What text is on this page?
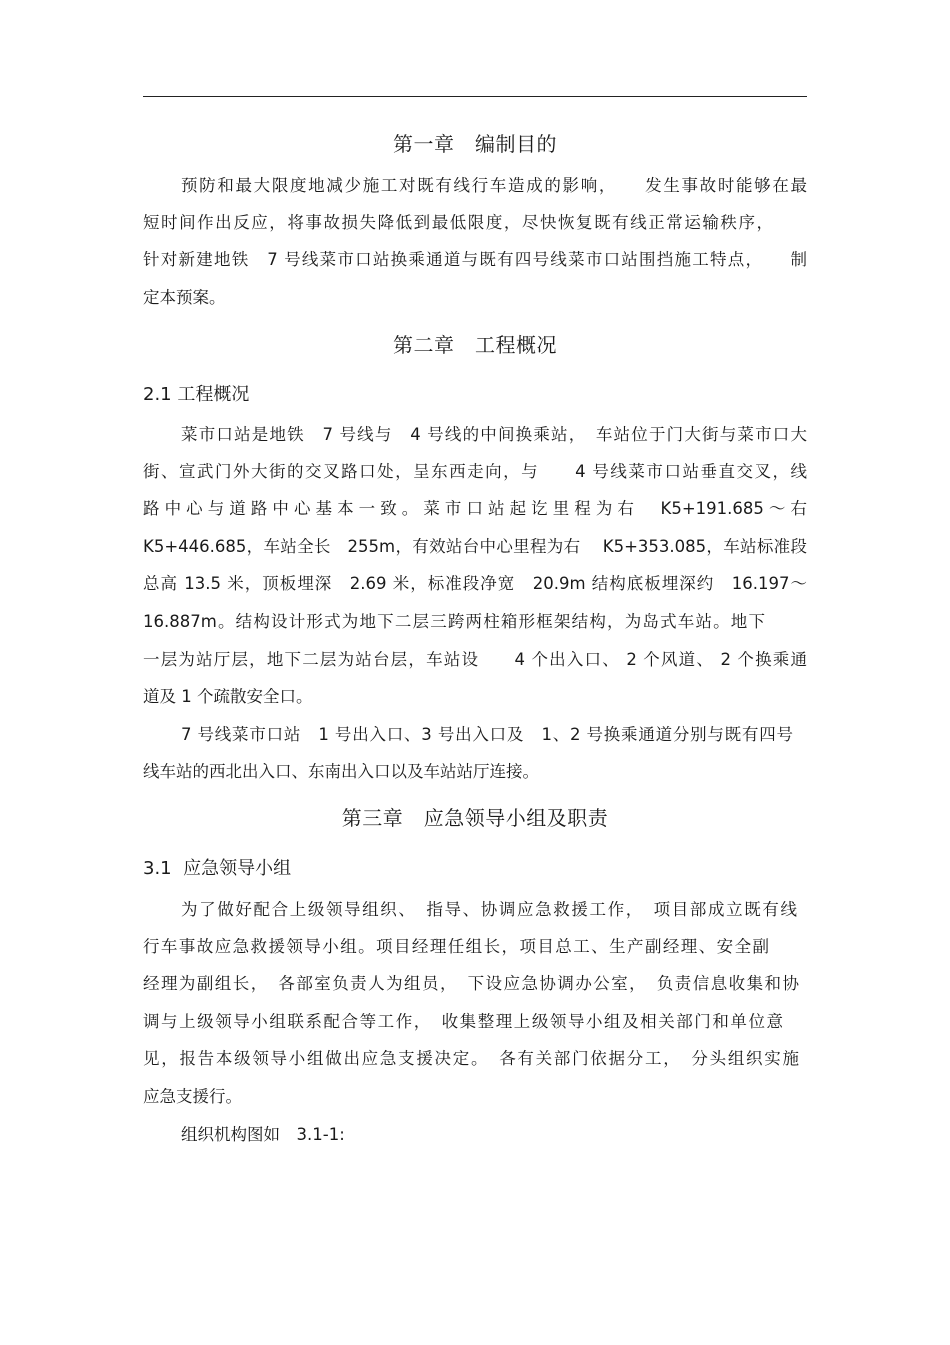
第一章　编制目的
预防和最大限度地减少施工对既有线行车造成的影响，　　发生事故时能够在最
短时间作出反应，将事故损失降低到最低限度，尽快恢复既有线正常运输秩序，
针对新建地铁　7 号线菜市口站换乘通道与既有四号线菜市口站围挡施工特点，　　制
定本预案。
第二章　工程概况
2.1 工程概况
菜市口站是地铁　7 号线与　4 号线的中间换乘站，　车站位于门大街与菜市口大
街、宣武门外大街的交叉路口处，呈东西走向，与　　4 号线菜市口站垂直交叉，线
路中心与道路中心基本一致。菜市口站起讫里程为右　K5+191.685～右
K5+446.685，车站全长　255m，有效站台中心里程为右　 K5+353.085，车站标准段
总高 13.5 米，顶板埋深　2.69 米，标准段净宽　20.9m 结构底板埋深约　16.197～
16.887m。结构设计形式为地下二层三跨两柱箱形框架结构，为岛式车站。地下
一层为站厅层，地下二层为站台层，车站设　　4 个出入口、 2 个风道、 2 个换乘通
道及 1 个疏散安全口。
7 号线菜市口站　1 号出入口、3 号出入口及　1、2 号换乘通道分别与既有四号
线车站的西北出入口、东南出入口以及车站站厅连接。
第三章　应急领导小组及职责
3.1  应急领导小组
为了做好配合上级领导组织、　指导、协调应急救援工作，　项目部成立既有线
行车事故应急救援领导小组。项目经理任组长，项目总工、生产副经理、安全副
经理为副组长，　各部室负责人为组员，　下设应急协调办公室，　负责信息收集和协
调与上级领导小组联系配合等工作，　收集整理上级领导小组及相关部门和单位意
见，报告本级领导小组做出应急支援决定。　各有关部门依据分工，　分头组织实施
应急支援行。
组织机构图如　3.1-1:
